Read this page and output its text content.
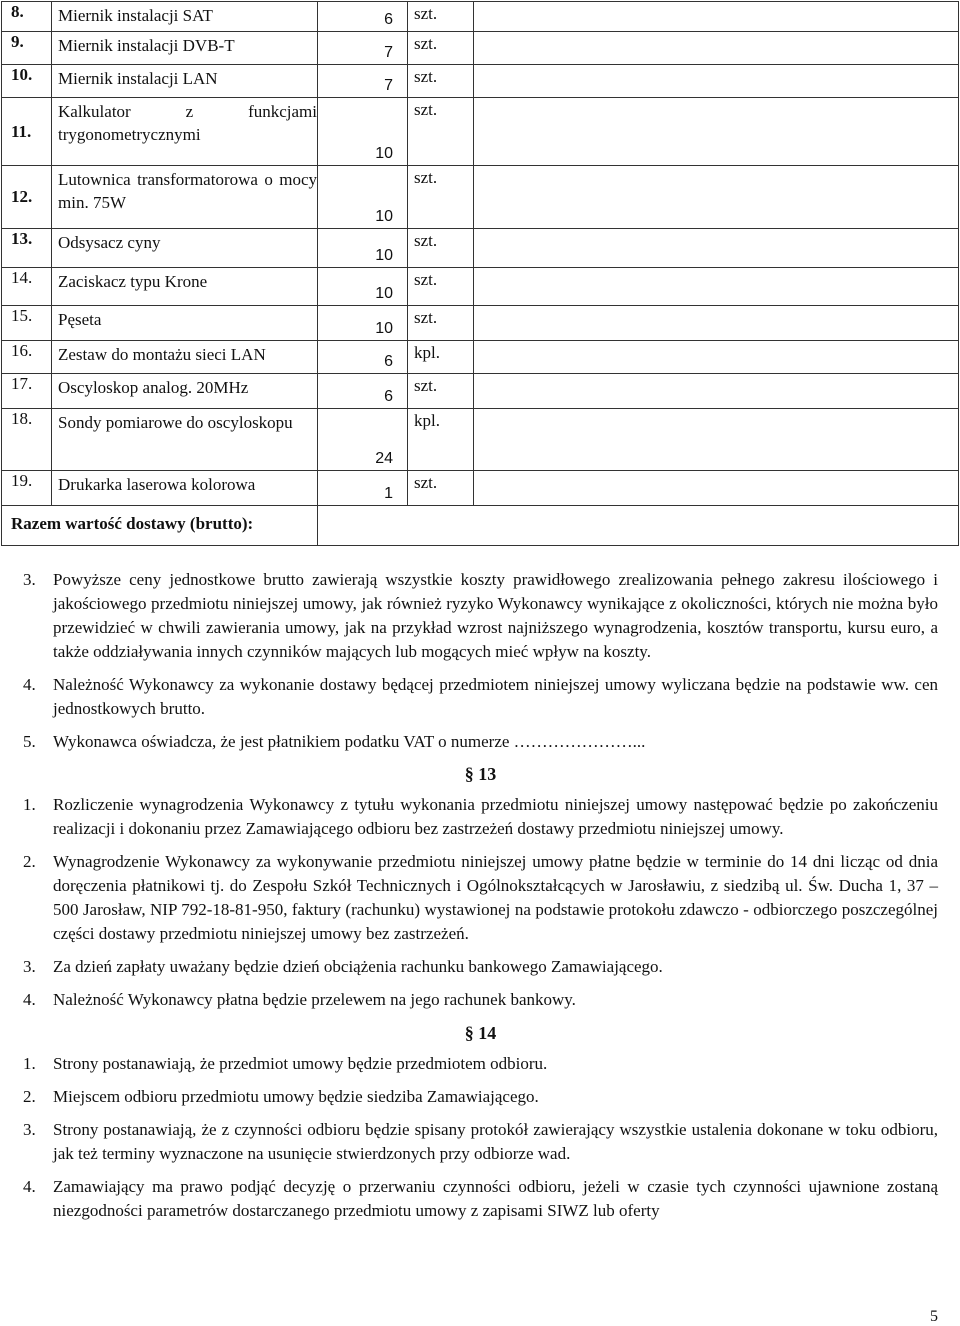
8.	Miernik instalacji SAT	6	szt.	
9.	Miernik instalacji DVB-T	7	szt.	
10.	Miernik instalacji LAN	7	szt.	
11.	Kalkulator z funkcjami trygonometrycznymi	10	szt.	
12.	Lutownica transformatorowa o mocy min. 75W	10	szt.	
13.	Odsysacz cyny	10	szt.	
14.	Zaciskacz typu Krone	10	szt.	
15.	Pęseta	10	szt.	
16.	Zestaw do montażu sieci LAN	6	kpl.	
17.	Oscyloskop analog. 20MHz	6	szt.	
18.	Sondy pomiarowe do oscyloskopu	24	kpl.	
19.	Drukarka laserowa kolorowa	1	szt.	
Razem wartość dostawy (brutto):				

3. Powyższe ceny jednostkowe brutto zawierają wszystkie koszty prawidłowego zrealizowania pełnego zakresu ilościowego i jakościowego przedmiotu niniejszej umowy, jak również ryzyko Wykonawcy wynikające z okoliczności, których nie można było przewidzieć w chwili zawierania umowy, jak na przykład wzrost najniższego wynagrodzenia, kosztów transportu, kursu euro, a także oddziaływania innych czynników mających lub mogących mieć wpływ na koszty.

4. Należność Wykonawcy za wykonanie dostawy będącej przedmiotem niniejszej umowy wyliczana będzie na podstawie ww. cen jednostkowych brutto.

5. Wykonawca oświadcza, że jest płatnikiem podatku VAT o numerze …………………...

§ 13

1. Rozliczenie wynagrodzenia Wykonawcy z tytułu wykonania przedmiotu niniejszej umowy następować będzie po zakończeniu realizacji i dokonaniu przez Zamawiającego odbioru bez zastrzeżeń dostawy przedmiotu niniejszej umowy.

2. Wynagrodzenie Wykonawcy za wykonywanie przedmiotu niniejszej umowy płatne będzie w terminie do 14 dni licząc od dnia doręczenia płatnikowi tj. do Zespołu Szkół Technicznych i Ogólnokształcących w Jarosławiu, z siedzibą ul. Św. Ducha 1, 37 – 500 Jarosław, NIP 792-18-81-950, faktury (rachunku) wystawionej na podstawie protokołu zdawczo - odbiorczego poszczególnej części dostawy przedmiotu niniejszej umowy bez zastrzeżeń.

3. Za dzień zapłaty uważany będzie dzień obciążenia rachunku bankowego Zamawiającego.

4. Należność Wykonawcy płatna będzie przelewem na jego rachunek bankowy.

§ 14

1. Strony postanawiają, że przedmiot umowy będzie przedmiotem odbioru.

2. Miejscem odbioru przedmiotu umowy będzie siedziba Zamawiającego.

3. Strony postanawiają, że z czynności odbioru będzie spisany protokół zawierający wszystkie ustalenia dokonane w toku odbioru, jak też terminy wyznaczone na usunięcie stwierdzonych przy odbiorze wad.

4. Zamawiający ma prawo podjąć decyzję o przerwaniu czynności odbioru, jeżeli w czasie tych czynności ujawnione zostaną niezgodności parametrów dostarczanego przedmiotu umowy z zapisami SIWZ lub oferty

5
